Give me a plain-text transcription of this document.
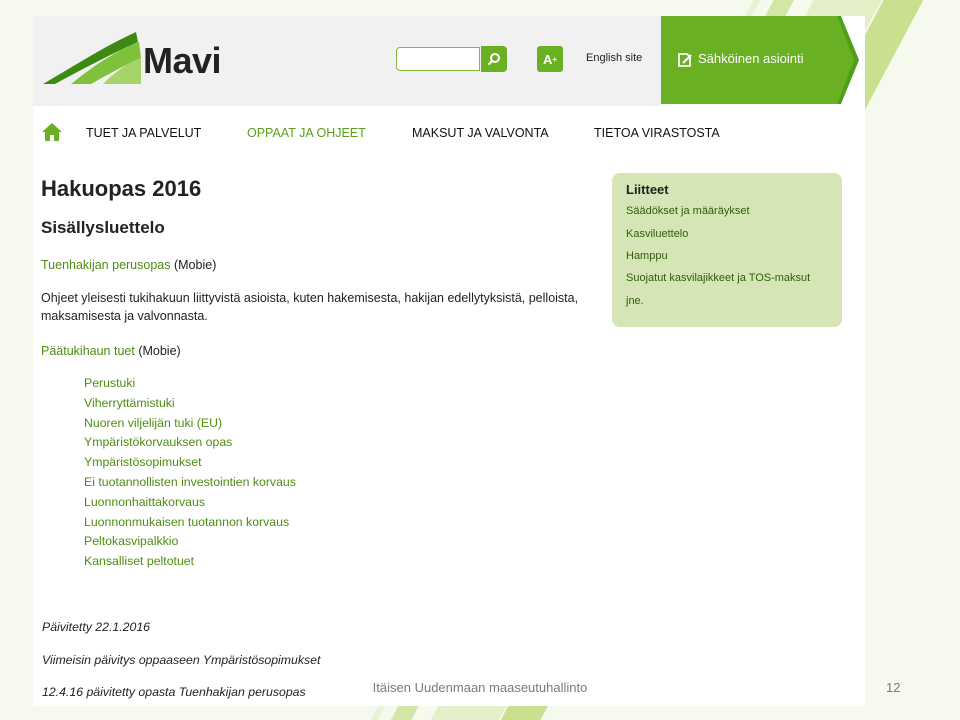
Mavi	A +	English site	Sähköinen asiointi
TUET JA PALVELUT	OPPAAT JA OHJEET	MAKSUT JA VALVONTA	TIETOA VIRASTOSTA
Hakuopas 2016
Sisällysluettelo
Tuenhakijan perusopas (Mobie)
Ohjeet yleisesti tukihakuun liittyvistä asioista, kuten hakemisesta, hakijan edellytyksistä, pelloista,
maksamisesta ja valvonnasta.
Päätukihaun tuet (Mobie)
Perustuki
Viherryttämistuki
Nuoren viljelijän tuki (EU)
Ympäristökorvauksen opas
Ympäristösopimukset
Ei tuotannollisten investointien korvaus
Luonnonhaittakorvaus
Luonnonmukaisen tuotannon korvaus
Peltokasvipalkkio
Kansalliset peltotuet
Päivitetty 22.1.2016
Viimeisin päivitys oppaaseen Ympäristösopimukset
12.4.16 päivitetty opasta Tuenhakijan perusopas
Liitteet
Säädökset ja määräykset
Kasviluettelo
Hamppu
Suojatut kasvilajikkeet ja TOS-maksut
jne.
Itäisen Uudenmaan maaseutuhallinto	12
